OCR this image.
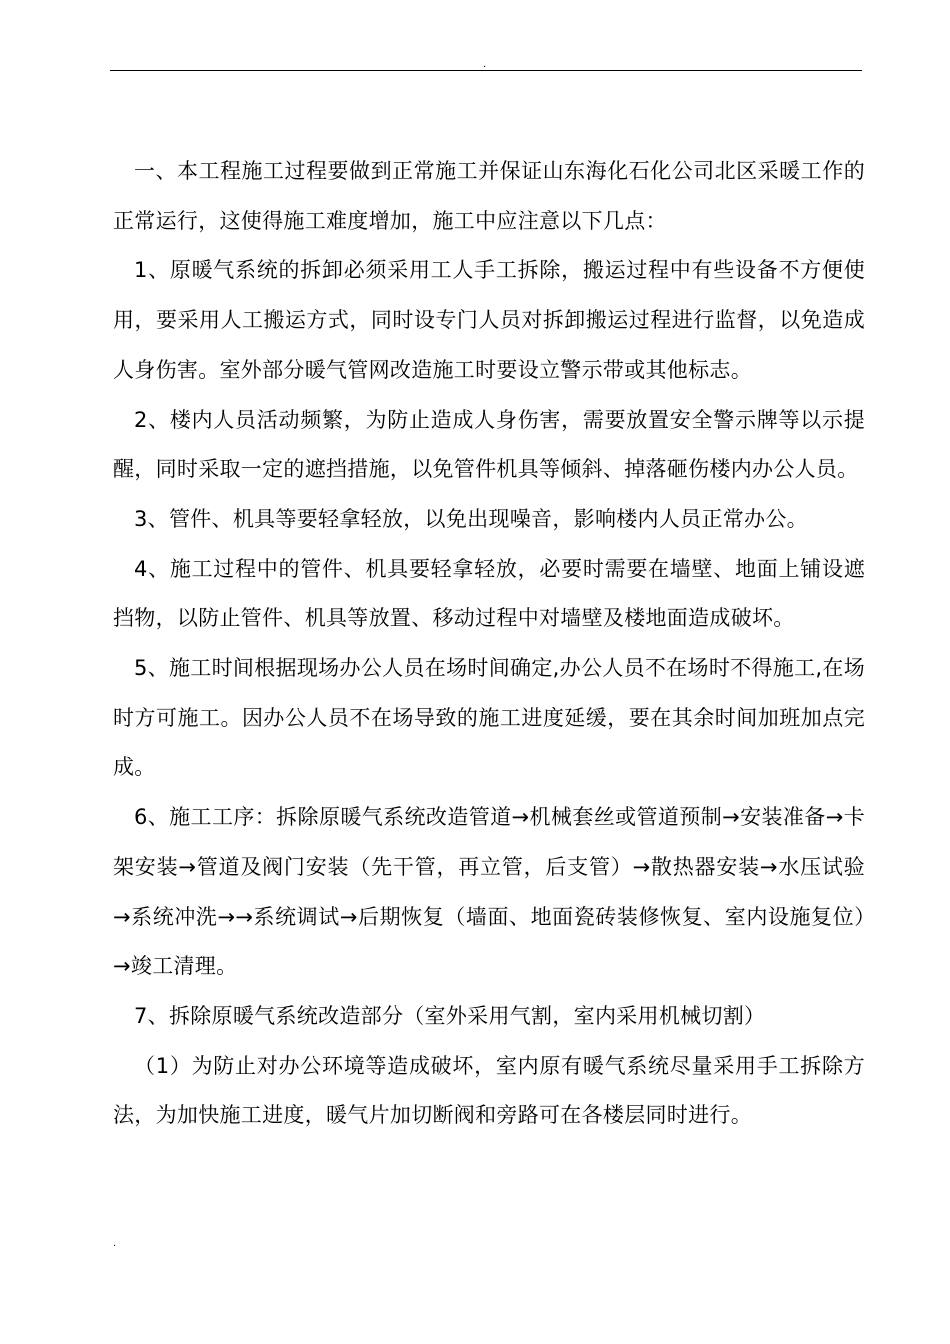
.

一、本工程施工过程要做到正常施工并保证山东海化石化公司北区采暖工作的正常运行，这使得施工难度增加，施工中应注意以下几点：

1、原暖气系统的拆卸必须采用工人手工拆除，搬运过程中有些设备不方便使用，要采用人工搬运方式，同时设专门人员对拆卸搬运过程进行监督，以免造成人身伤害。室外部分暖气管网改造施工时要设立警示带或其他标志。

2、楼内人员活动频繁，为防止造成人身伤害，需要放置安全警示牌等以示提醒，同时采取一定的遮挡措施，以免管件机具等倾斜、掉落砸伤楼内办公人员。

3、管件、机具等要轻拿轻放，以免出现噪音，影响楼内人员正常办公。

4、施工过程中的管件、机具要轻拿轻放，必要时需要在墙壁、地面上铺设遮挡物，以防止管件、机具等放置、移动过程中对墙壁及楼地面造成破坏。

5、施工时间根据现场办公人员在场时间确定,办公人员不在场时不得施工,在场时方可施工。因办公人员不在场导致的施工进度延缓，要在其余时间加班加点完成。

6、施工工序：拆除原暖气系统改造管道→机械套丝或管道预制→安装准备→卡架安装→管道及阀门安装（先干管，再立管，后支管）→散热器安装→水压试验→系统冲洗→→系统调试→后期恢复（墙面、地面瓷砖装修恢复、室内设施复位）→竣工清理。

7、拆除原暖气系统改造部分（室外采用气割，室内采用机械切割）

（1）为防止对办公环境等造成破坏，室内原有暖气系统尽量采用手工拆除方法，为加快施工进度，暖气片加切断阀和旁路可在各楼层同时进行。

.
